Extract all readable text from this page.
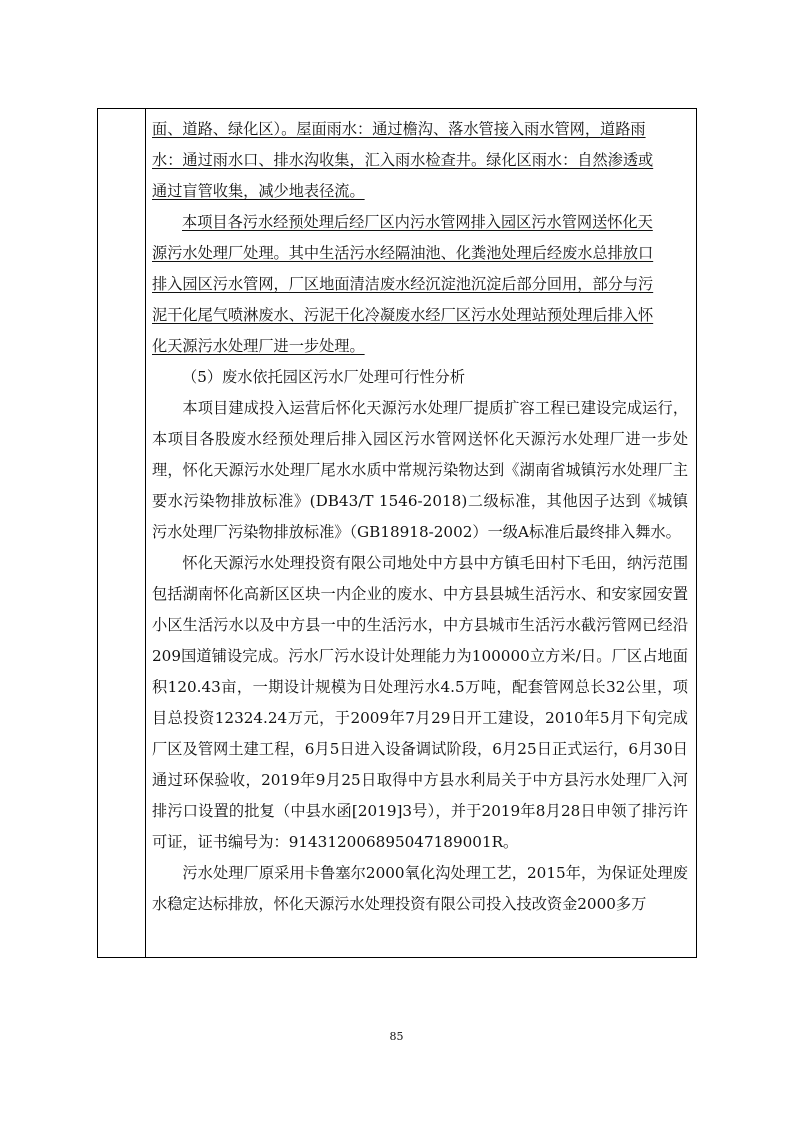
面、道路、绿化区）。屋面雨水：通过檐沟、落水管接入雨水管网，道路雨
水：通过雨水口、排水沟收集，汇入雨水检查井。绿化区雨水：自然渗透或
通过盲管收集，减少地表径流。

本项目各污水经预处理后经厂区内污水管网排入园区污水管网送怀化天
源污水处理厂处理。其中生活污水经隔油池、化粪池处理后经废水总排放口
排入园区污水管网，厂区地面清洁废水经沉淀池沉淀后部分回用，部分与污
泥干化尾气喷淋废水、污泥干化冷凝废水经厂区污水处理站预处理后排入怀
化天源污水处理厂进一步处理。

（5）废水依托园区污水厂处理可行性分析

本项目建成投入运营后怀化天源污水处理厂提质扩容工程已建设完成运行，本项目各股废水经预处理后排入园区污水管网送怀化天源污水处理厂进一步处理，怀化天源污水处理厂尾水水质中常规污染物达到《湖南省城镇污水处理厂主要水污染物排放标准》(DB43/T 1546-2018)二级标准，其他因子达到《城镇污水处理厂污染物排放标准》（GB18918-2002）一级A标准后最终排入舞水。

怀化天源污水处理投资有限公司地处中方县中方镇毛田村下毛田，纳污范围包括湖南怀化高新区区块一内企业的废水、中方县县城生活污水、和安家园安置小区生活污水以及中方县一中的生活污水，中方县城市生活污水截污管网已经沿209国道铺设完成。污水厂污水设计处理能力为100000立方米/日。厂区占地面积120.43亩，一期设计规模为日处理污水4.5万吨，配套管网总长32公里，项目总投资12324.24万元，于2009年7月29日开工建设，2010年5月下旬完成厂区及管网土建工程，6月5日进入设备调试阶段，6月25日正式运行，6月30日通过环保验收，2019年9月25日取得中方县水利局关于中方县污水处理厂入河排污口设置的批复（中县水函[2019]3号），并于2019年8月28日申领了排污许可证，证书编号为：91431200689504718​9001R。

污水处理厂原采用卡鲁塞尔2000氧化沟处理工艺，2015年，为保证处理废水稳定达标排放，怀化天源污水处理投资有限公司投入技改资金2000多万

85
